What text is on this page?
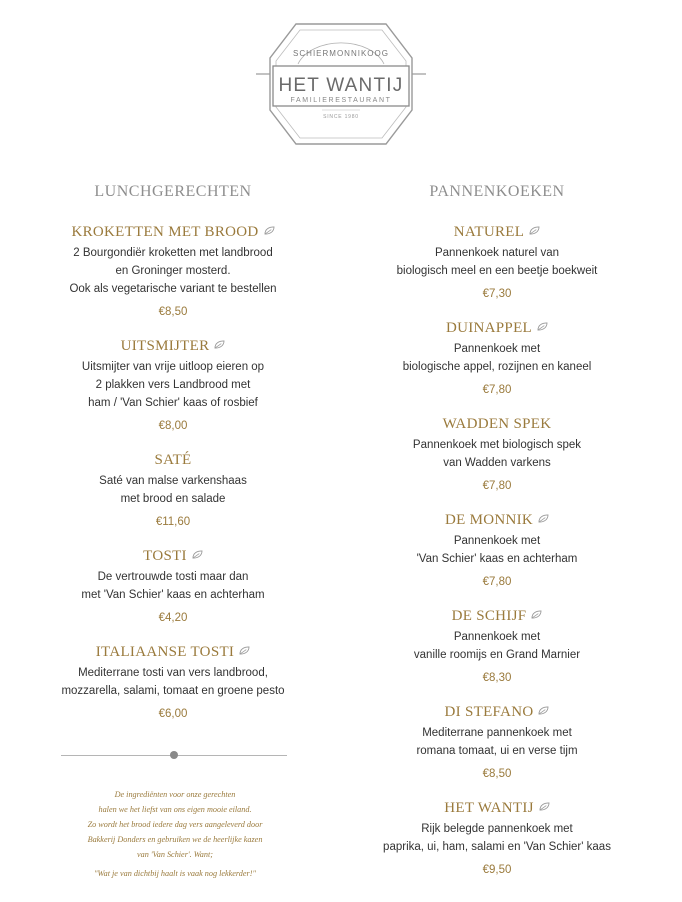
SCHIERMONNIKOOG
HET WANTIJ
FAMILIERESTAURANT
SINCE 1980
LUNCHGERECHTEN
KROKETTEN MET BROOD
2 Bourgondiër kroketten met landbrood
en Groninger mosterd.
Ook als vegetarische variant te bestellen
€8,50
UITSMIJTER
Uitsmijter van vrije uitloop eieren op
2 plakken vers Landbrood met
ham / 'Van Schier' kaas of rosbief
€8,00
SATÉ
Saté van malse varkenshaas
met brood en salade
€11,60
TOSTI
De vertrouwde tosti maar dan
met 'Van Schier' kaas en achterham
€4,20
ITALIAANSE TOSTI
Mediterrane tosti van vers landbrood,
mozzarella, salami, tomaat en groene pesto
€6,00
PANNENKOEKEN
NATUREL
Pannenkoek naturel van
biologisch meel en een beetje boekweit
€7,30
DUINAPPEL
Pannenkoek met
biologische appel, rozijnen en kaneel
€7,80
WADDEN SPEK
Pannenkoek met biologisch spek
van Wadden varkens
€7,80
DE MONNIK
Pannenkoek met
'Van Schier' kaas en achterham
€7,80
DE SCHIJF
Pannenkoek met
vanille roomijs en Grand Marnier
€8,30
DI STEFANO
Mediterrane pannenkoek met
romana tomaat, ui en verse tijm
€8,50
HET WANTIJ
Rijk belegde pannenkoek met
paprika, ui, ham, salami en 'Van Schier' kaas
€9,50
De ingrediënten voor onze gerechten
halen we het liefst van ons eigen mooie eiland.
Zo wordt het brood iedere dag vers aangeleverd door
Bakkerij Donders en gebruiken we de heerlijke kazen
van 'Van Schier'. Want;
"Wat je van dichtbij haalt is vaak nog lekkerder!"
